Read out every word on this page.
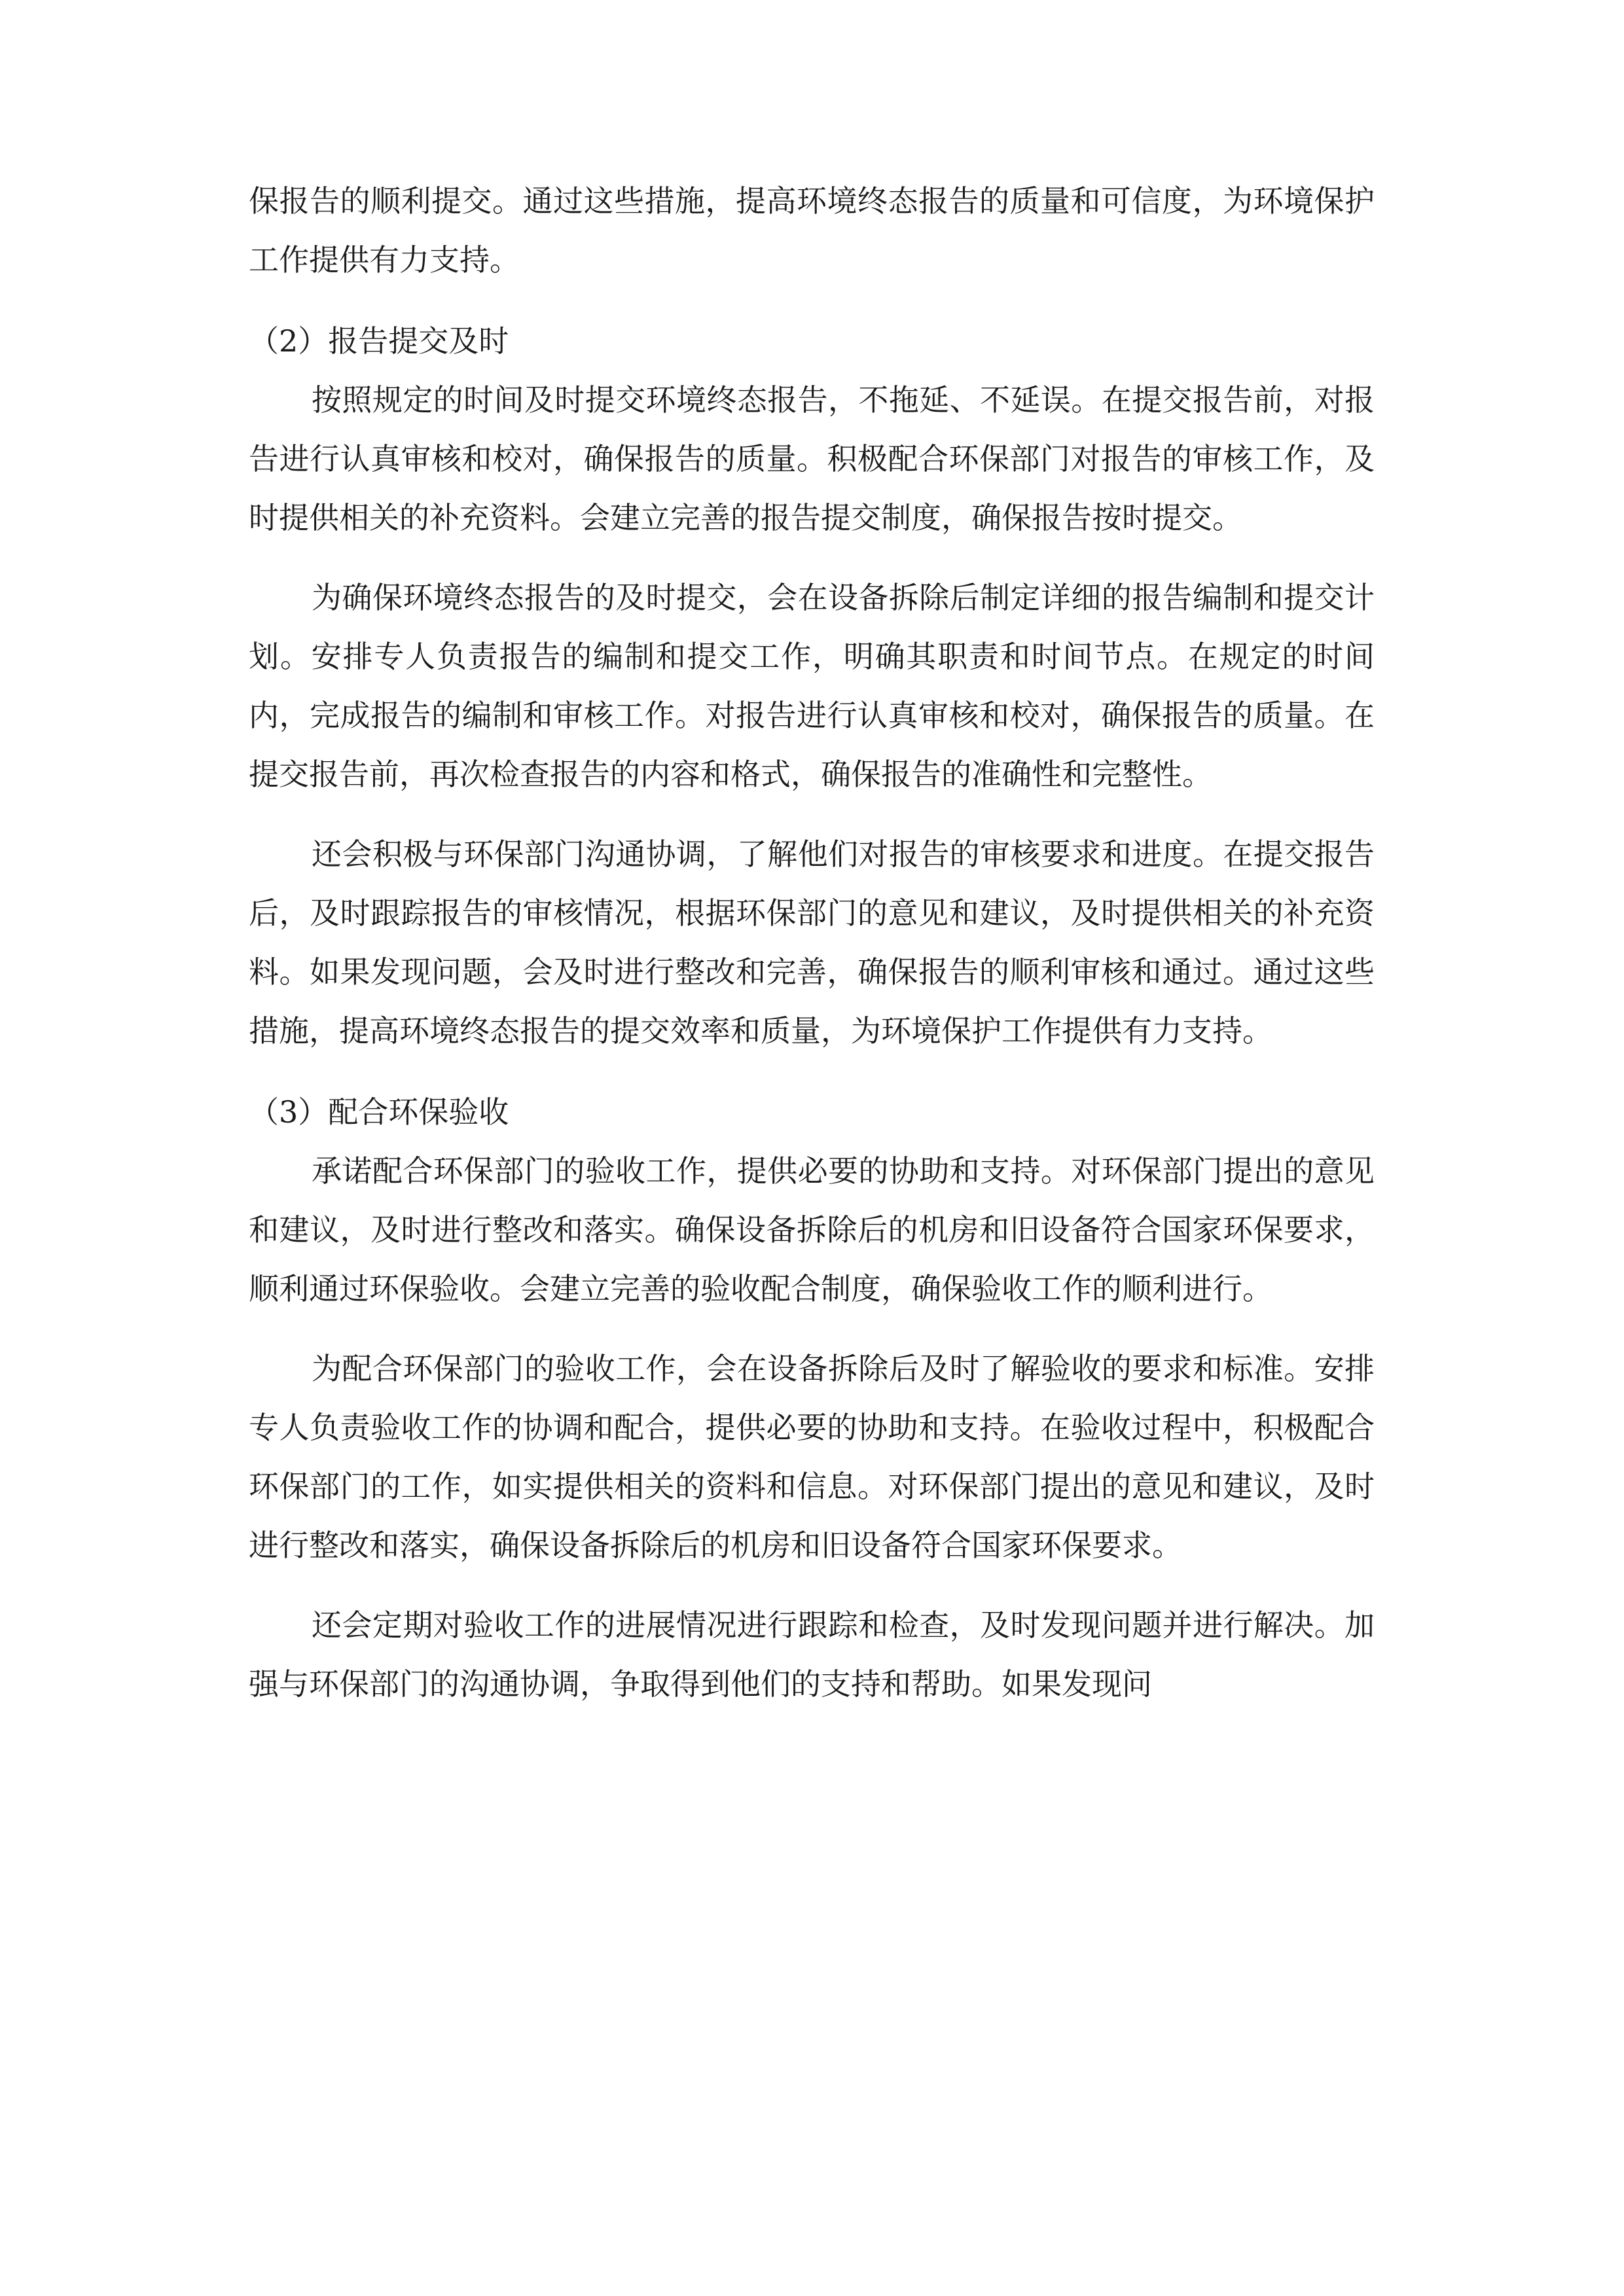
保报告的顺利提交。通过这些措施，提高环境终态报告的质量和可信度，为环境保护工作提供有力支持。

（2）报告提交及时

按照规定的时间及时提交环境终态报告，不拖延、不延误。在提交报告前，对报告进行认真审核和校对，确保报告的质量。积极配合环保部门对报告的审核工作，及时提供相关的补充资料。会建立完善的报告提交制度，确保报告按时提交。

为确保环境终态报告的及时提交，会在设备拆除后制定详细的报告编制和提交计划。安排专人负责报告的编制和提交工作，明确其职责和时间节点。在规定的时间内，完成报告的编制和审核工作。对报告进行认真审核和校对，确保报告的质量。在提交报告前，再次检查报告的内容和格式，确保报告的准确性和完整性。

还会积极与环保部门沟通协调，了解他们对报告的审核要求和进度。在提交报告后，及时跟踪报告的审核情况，根据环保部门的意见和建议，及时提供相关的补充资料。如果发现问题，会及时进行整改和完善，确保报告的顺利审核和通过。通过这些措施，提高环境终态报告的提交效率和质量，为环境保护工作提供有力支持。

（3）配合环保验收

承诺配合环保部门的验收工作，提供必要的协助和支持。对环保部门提出的意见和建议，及时进行整改和落实。确保设备拆除后的机房和旧设备符合国家环保要求，顺利通过环保验收。会建立完善的验收配合制度，确保验收工作的顺利进行。

为配合环保部门的验收工作，会在设备拆除后及时了解验收的要求和标准。安排专人负责验收工作的协调和配合，提供必要的协助和支持。在验收过程中，积极配合环保部门的工作，如实提供相关的资料和信息。对环保部门提出的意见和建议，及时进行整改和落实，确保设备拆除后的机房和旧设备符合国家环保要求。

还会定期对验收工作的进展情况进行跟踪和检查，及时发现问题并进行解决。加强与环保部门的沟通协调，争取得到他们的支持和帮助。如果发现问
